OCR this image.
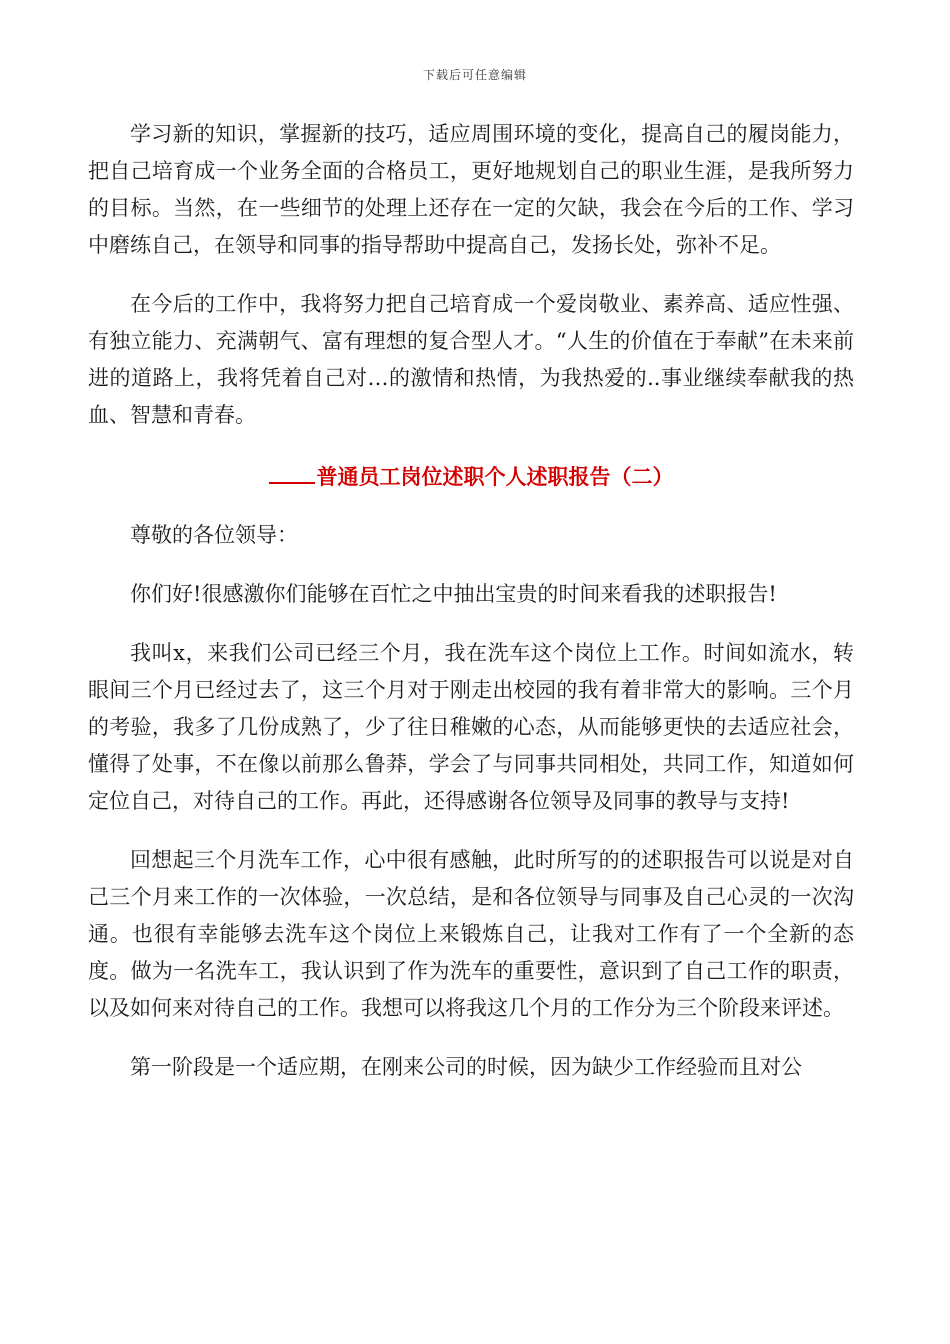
下载后可任意编辑

学习新的知识，掌握新的技巧，适应周围环境的变化，提高自己的履岗能力，把自己培育成一个业务全面的合格员工，更好地规划自己的职业生涯，是我所努力的目标。当然，在一些细节的处理上还存在一定的欠缺，我会在今后的工作、学习中磨练自己，在领导和同事的指导帮助中提高自己，发扬长处，弥补不足。

在今后的工作中，我将努力把自己培育成一个爱岗敬业、素养高、适应性强、有独立能力、充满朝气、富有理想的复合型人才。“人生的价值在于奉献”在未来前进的道路上，我将凭着自己对…的激情和热情，为我热爱的..事业继续奉献我的热血、智慧和青春。

普通员工岗位述职个人述职报告（二）

尊敬的各位领导：

你们好!很感激你们能够在百忙之中抽出宝贵的时间来看我的述职报告!

我叫x，来我们公司已经三个月，我在洗车这个岗位上工作。时间如流水，转眼间三个月已经过去了，这三个月对于刚走出校园的我有着非常大的影响。三个月的考验，我多了几份成熟了，少了往日稚嫩的心态，从而能够更快的去适应社会，懂得了处事，不在像以前那么鲁莽，学会了与同事共同相处，共同工作，知道如何定位自己，对待自己的工作。再此，还得感谢各位领导及同事的教导与支持!

回想起三个月洗车工作，心中很有感触，此时所写的的述职报告可以说是对自己三个月来工作的一次体验，一次总结，是和各位领导与同事及自己心灵的一次沟通。也很有幸能够去洗车这个岗位上来锻炼自己，让我对工作有了一个全新的态度。做为一名洗车工，我认识到了作为洗车的重要性，意识到了自己工作的职责，以及如何来对待自己的工作。我想可以将我这几个月的工作分为三个阶段来评述。

第一阶段是一个适应期，在刚来公司的时候，因为缺少工作经验而且对公
